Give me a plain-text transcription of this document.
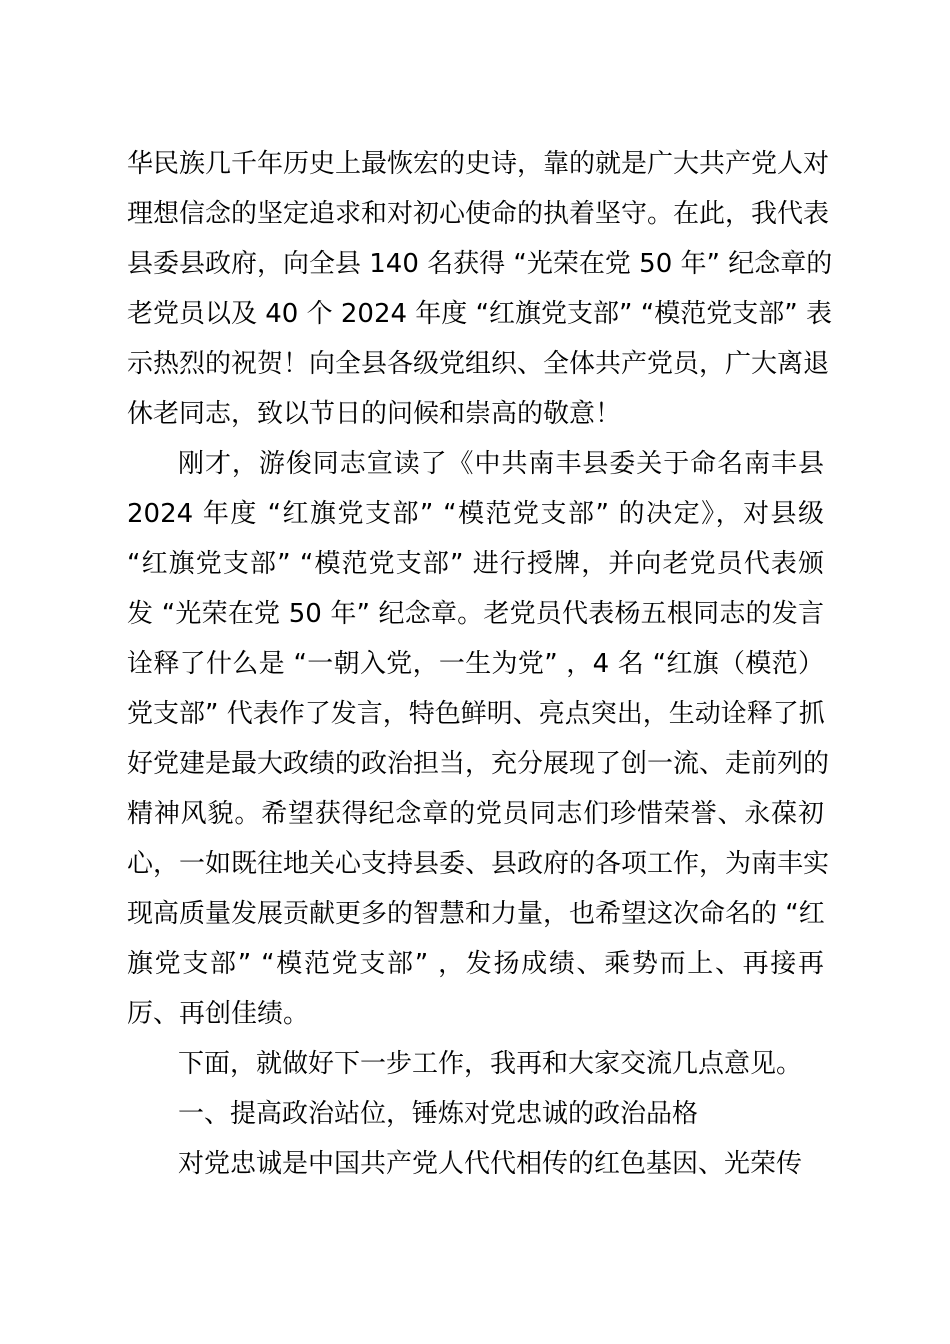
华民族几千年历史上最恢宏的史诗，靠的就是广大共产党人对
理想信念的坚定追求和对初心使命的执着坚守。在此，我代表
县委县政府，向全县 140 名获得 “光荣在党 50 年” 纪念章的
老党员以及 40 个 2024 年度 “红旗党支部” “模范党支部” 表
示热烈的祝贺！向全县各级党组织、全体共产党员，广大离退
休老同志，致以节日的问候和崇高的敬意！
刚才，游俊同志宣读了《中共南丰县委关于命名南丰县
2024 年度 “红旗党支部” “模范党支部” 的决定》，对县级
“红旗党支部” “模范党支部” 进行授牌，并向老党员代表颁
发 “光荣在党 50 年” 纪念章。老党员代表杨五根同志的发言
诠释了什么是 “一朝入党，一生为党” ，4 名 “红旗（模范）
党支部” 代表作了发言，特色鲜明、亮点突出，生动诠释了抓
好党建是最大政绩的政治担当，充分展现了创一流、走前列的
精神风貌。希望获得纪念章的党员同志们珍惜荣誉、永葆初
心，一如既往地关心支持县委、县政府的各项工作，为南丰实
现高质量发展贡献更多的智慧和力量，也希望这次命名的 “红
旗党支部” “模范党支部” ，发扬成绩、乘势而上、再接再
厉、再创佳绩。
下面，就做好下一步工作，我再和大家交流几点意见。
一、提高政治站位，锤炼对党忠诚的政治品格
对党忠诚是中国共产党人代代相传的红色基因、光荣传
